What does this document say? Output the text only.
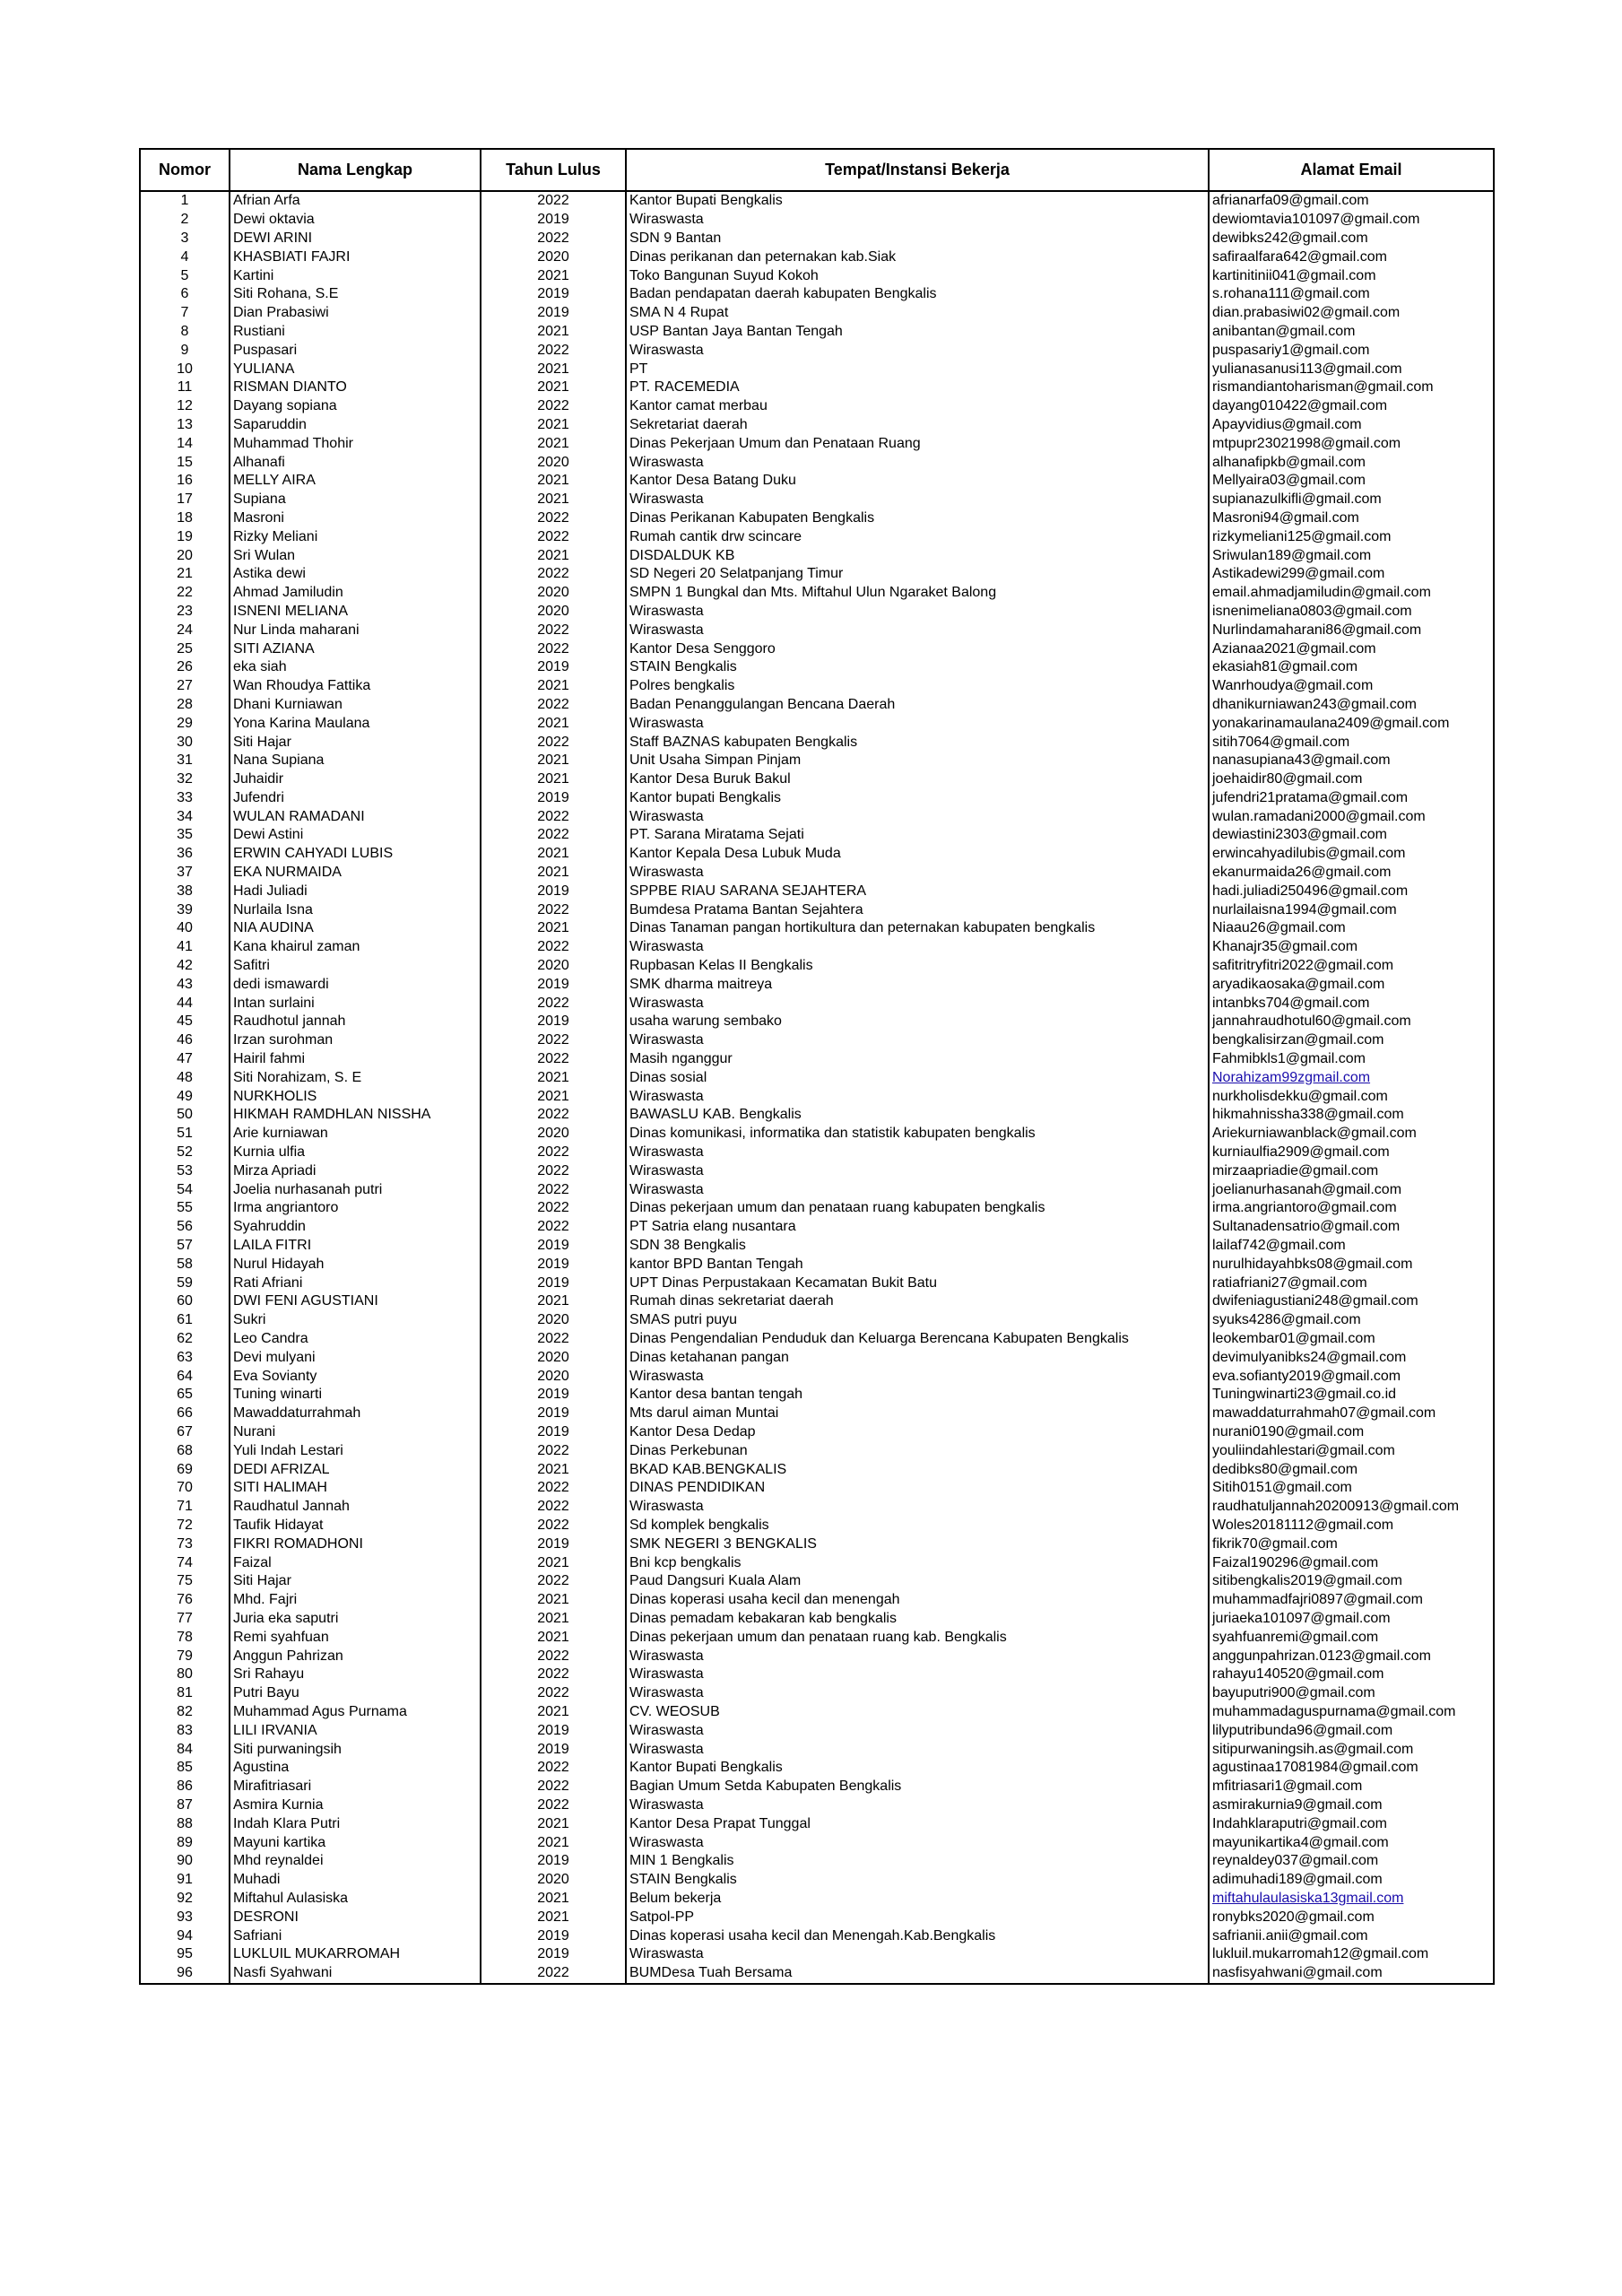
Nomor	Nama Lengkap	Tahun Lulus	Tempat/Instansi Bekerja	Alamat Email
1	Afrian Arfa	2022	Kantor Bupati Bengkalis	afrianarfa09@gmail.com
2	Dewi oktavia	2019	Wiraswasta	dewiomtavia101097@gmail.com
3	DEWI ARINI	2022	SDN 9 Bantan	dewibks242@gmail.com
4	KHASBIATI FAJRI	2020	Dinas perikanan dan peternakan kab.Siak	safiraalfara642@gmail.com
5	Kartini	2021	Toko Bangunan Suyud Kokoh	kartinitinii041@gmail.com
6	Siti Rohana, S.E	2019	Badan pendapatan daerah kabupaten Bengkalis	s.rohana111@gmail.com
7	Dian Prabasiwi	2019	SMA N 4 Rupat	dian.prabasiwi02@gmail.com
8	Rustiani	2021	USP Bantan Jaya Bantan Tengah	anibantan@gmail.com
9	Puspasari	2022	Wiraswasta	puspasariy1@gmail.com
10	YULIANA	2021	PT	yulianasanusi113@gmail.com
11	RISMAN DIANTO	2021	PT. RACEMEDIA	rismandiantoharisman@gmail.com
12	Dayang sopiana	2022	Kantor camat merbau	dayang010422@gmail.com
13	Saparuddin	2021	Sekretariat daerah	Apayvidius@gmail.com
14	Muhammad Thohir	2021	Dinas Pekerjaan Umum dan Penataan Ruang	mtpupr23021998@gmail.com
15	Alhanafi	2020	Wiraswasta	alhanafipkb@gmail.com
16	MELLY AIRA	2021	Kantor Desa Batang Duku	Mellyaira03@gmail.com
17	Supiana	2021	Wiraswasta	supianazulkifli@gmail.com
18	Masroni	2022	Dinas Perikanan Kabupaten Bengkalis	Masroni94@gmail.com
19	Rizky Meliani	2022	Rumah cantik drw scincare	rizkymeliani125@gmail.com
20	Sri Wulan	2021	DISDALDUK KB	Sriwulan189@gmail.com
21	Astika dewi	2022	SD Negeri 20 Selatpanjang Timur	Astikadewi299@gmail.com
22	Ahmad Jamiludin	2020	SMPN 1 Bungkal dan Mts. Miftahul Ulun Ngaraket Balong	email.ahmadjamiludin@gmail.com
23	ISNENI MELIANA	2020	Wiraswasta	isnenimeliana0803@gmail.com
24	Nur Linda maharani	2022	Wiraswasta	Nurlindamaharani86@gmail.com
25	SITI AZIANA	2022	Kantor Desa Senggoro	Azianaa2021@gmail.com
26	eka siah	2019	STAIN Bengkalis	ekasiah81@gmail.com
27	Wan Rhoudya Fattika	2021	Polres bengkalis	Wanrhoudya@gmail.com
28	Dhani Kurniawan	2022	Badan Penanggulangan Bencana Daerah	dhanikurniawan243@gmail.com
29	Yona Karina Maulana	2021	Wiraswasta	yonakarinamaulana2409@gmail.com
30	Siti Hajar	2022	Staff BAZNAS kabupaten Bengkalis	sitih7064@gmail.com
31	Nana Supiana	2021	Unit Usaha Simpan Pinjam	nanasupiana43@gmail.com
32	Juhaidir	2021	Kantor Desa Buruk Bakul	joehaidir80@gmail.com
33	Jufendri	2019	Kantor bupati Bengkalis	jufendri21pratama@gmail.com
34	WULAN RAMADANI	2022	Wiraswasta	wulan.ramadani2000@gmail.com
35	Dewi Astini	2022	PT. Sarana Miratama Sejati	dewiastini2303@gmail.com
36	ERWIN CAHYADI LUBIS	2021	Kantor Kepala Desa Lubuk Muda	erwincahyadilubis@gmail.com
37	EKA NURMAIDA	2021	Wiraswasta	ekanurmaida26@gmail.com
38	Hadi Juliadi	2019	SPPBE RIAU SARANA SEJAHTERA	hadi.juliadi250496@gmail.com
39	Nurlaila Isna	2022	Bumdesa Pratama Bantan Sejahtera	nurlailaisna1994@gmail.com
40	NIA AUDINA	2021	Dinas Tanaman pangan hortikultura dan peternakan kabupaten bengkalis	Niaau26@gmail.com
41	Kana khairul zaman	2022	Wiraswasta	Khanajr35@gmail.com
42	Safitri	2020	Rupbasan Kelas II Bengkalis	safitritryfitri2022@gmail.com
43	dedi ismawardi	2019	SMK dharma maitreya	aryadikaosaka@gmail.com
44	Intan surlaini	2022	Wiraswasta	intanbks704@gmail.com
45	Raudhotul jannah	2019	usaha warung sembako	jannahraudhotul60@gmail.com
46	Irzan surohman	2022	Wiraswasta	bengkalisirzan@gmail.com
47	Hairil fahmi	2022	Masih nganggur	Fahmibkls1@gmail.com
48	Siti Norahizam, S. E	2021	Dinas sosial	Norahizam99zgmail.com
49	NURKHOLIS	2021	Wiraswasta	nurkholisdekku@gmail.com
50	HIKMAH RAMDHLAN NISSHA	2022	BAWASLU KAB. Bengkalis	hikmahnissha338@gmail.com
51	Arie kurniawan	2020	Dinas komunikasi, informatika dan statistik kabupaten bengkalis	Ariekurniawanblack@gmail.com
52	Kurnia ulfia	2022	Wiraswasta	kurniaulfia2909@gmail.com
53	Mirza Apriadi	2022	Wiraswasta	mirzaapriadie@gmail.com
54	Joelia nurhasanah putri	2022	Wiraswasta	joelianurhasanah@gmail.com
55	Irma angriantoro	2022	Dinas pekerjaan umum dan penataan ruang kabupaten bengkalis	irma.angriantoro@gmail.com
56	Syahruddin	2022	PT Satria elang nusantara	Sultanadensatrio@gmail.com
57	LAILA FITRI	2019	SDN 38 Bengkalis	lailaf742@gmail.com
58	Nurul Hidayah	2019	kantor BPD Bantan Tengah	nurulhidayahbks08@gmail.com
59	Rati Afriani	2019	UPT Dinas Perpustakaan Kecamatan Bukit Batu	ratiafriani27@gmail.com
60	DWI FENI AGUSTIANI	2021	Rumah dinas sekretariat daerah	dwifeniagustiani248@gmail.com
61	Sukri	2020	SMAS putri puyu	syuks4286@gmail.com
62	Leo Candra	2022	Dinas Pengendalian Penduduk dan Keluarga Berencana Kabupaten Bengkalis	leokembar01@gmail.com
63	Devi mulyani	2020	Dinas ketahanan pangan	devimulyanibks24@gmail.com
64	Eva Sovianty	2020	Wiraswasta	eva.sofianty2019@gmail.com
65	Tuning winarti	2019	Kantor desa bantan tengah	Tuningwinarti23@gmail.co.id
66	Mawaddaturrahmah	2019	Mts darul aiman Muntai	mawaddaturrahmah07@gmail.com
67	Nurani	2019	Kantor Desa Dedap	nurani0190@gmail.com
68	Yuli Indah Lestari	2022	Dinas Perkebunan	youliindahlestari@gmail.com
69	DEDI AFRIZAL	2021	BKAD KAB.BENGKALIS	dedibks80@gmail.com
70	SITI HALIMAH	2022	DINAS PENDIDIKAN	Sitih0151@gmail.com
71	Raudhatul Jannah	2022	Wiraswasta	raudhatuljannah20200913@gmail.com
72	Taufik Hidayat	2022	Sd komplek bengkalis	Woles20181112@gmail.com
73	FIKRI ROMADHONI	2019	SMK NEGERI 3 BENGKALIS	fikrik70@gmail.com
74	Faizal	2021	Bni kcp bengkalis	Faizal190296@gmail.com
75	Siti Hajar	2022	Paud Dangsuri Kuala Alam	sitibengkalis2019@gmail.com
76	Mhd. Fajri	2021	Dinas koperasi usaha kecil dan menengah	muhammadfajri0897@gmail.com
77	Juria eka saputri	2021	Dinas pemadam kebakaran kab bengkalis	juriaeka101097@gmail.com
78	Remi syahfuan	2021	Dinas pekerjaan umum dan penataan ruang kab. Bengkalis	syahfuanremi@gmail.com
79	Anggun Pahrizan	2022	Wiraswasta	anggunpahrizan.0123@gmail.com
80	Sri Rahayu	2022	Wiraswasta	rahayu140520@gmail.com
81	Putri Bayu	2022	Wiraswasta	bayuputri900@gmail.com
82	Muhammad Agus Purnama	2021	CV. WEOSUB	muhammadaguspurnama@gmail.com
83	LILI IRVANIA	2019	Wiraswasta	lilyputribunda96@gmail.com
84	Siti purwaningsih	2019	Wiraswasta	sitipurwaningsih.as@gmail.com
85	Agustina	2022	Kantor Bupati Bengkalis	agustinaa17081984@gmail.com
86	Mirafitriasari	2022	Bagian Umum Setda Kabupaten Bengkalis	mfitriasari1@gmail.com
87	Asmira Kurnia	2022	Wiraswasta	asmirakurnia9@gmail.com
88	Indah Klara Putri	2021	Kantor Desa Prapat Tunggal	Indahklaraputri@gmail.com
89	Mayuni kartika	2021	Wiraswasta	mayunikartika4@gmail.com
90	Mhd reynaldei	2019	MIN 1 Bengkalis	reynaldey037@gmail.com
91	Muhadi	2020	STAIN Bengkalis	adimuhadi189@gmail.com
92	Miftahul Aulasiska	2021	Belum bekerja	miftahulaulasiska13gmail.com
93	DESRONI	2021	Satpol-PP	ronybks2020@gmail.com
94	Safriani	2019	Dinas koperasi usaha kecil dan Menengah.Kab.Bengkalis	safrianii.anii@gmail.com
95	LUKLUIL MUKARROMAH	2019	Wiraswasta	lukluil.mukarromah12@gmail.com
96	Nasfi Syahwani	2022	BUMDesa Tuah Bersama	nasfisyahwani@gmail.com
